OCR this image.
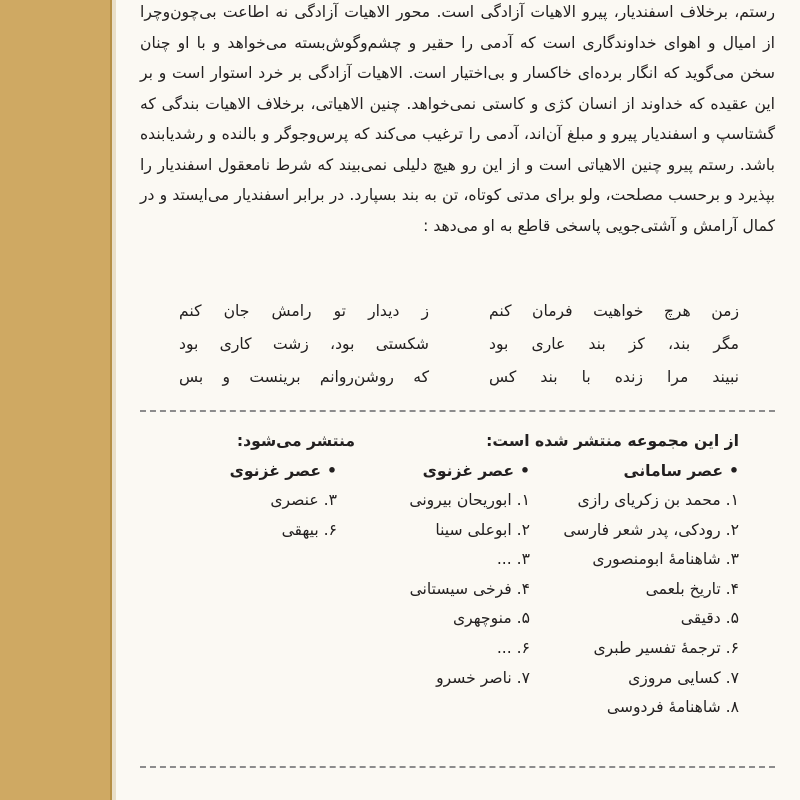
رستم، برخلاف اسفندیار، پیرو الاهیات آزادگی است. محور الاهیات آزادگی نه اطاعت بی‌چون‌وچرا از امیال و اهوای خداوندگاری است که آدمی را حقیر و چشم‌وگوش‌بسته می‌خواهد و با او چنان سخن می‌گوید که انگار برده‌ای خاکسار و بی‌اختیار است. الاهیات آزادگی بر خرد استوار است و بر این عقیده که خداوند از انسان کژی و کاستی نمی‌خواهد. چنین الاهیاتی، برخلاف الاهیات بندگی که گشتاسپ و اسفندیار پیرو و مبلغ آن‌اند، آدمی را ترغیب می‌کند که پرس‌وجوگر و بالنده و رشدیابنده باشد. رستم پیرو چنین الاهیاتی است و از این رو هیچ دلیلی نمی‌بیند که شرط نامعقول اسفندیار را بپذیرد و برحسب مصلحت، ولو برای مدتی کوتاه، تن به بند بسپارد. در برابر اسفندیار می‌ایستد و در کمال آرامش و آشتی‌جویی پاسخی قاطع به او می‌دهد :

زمن هرچ خواهیت فرمان کنم
ز دیدار تو رامش جان کنم
مگر بند، کز بند عاری بود
شکستی بود، زشت کاری بود
نبیند مرا زنده با بند کس
که روشن‌روانم برینست و بس
از این مجموعه منتشر شده است:
منتشر می‌شود:
•عصر سامانی
۱. محمد بن زکریای رازی
۲. رودکی، پدر شعر فارسی
۳. شاهنامهٔ ابومنصوری
۴. تاریخ بلعمی
۵. دقیقی
۶. ترجمهٔ تفسیر طبری
۷. کسایی مروزی
۸. شاهنامهٔ فردوسی
•عصر غزنوی
۱. ابوریحان بیرونی
۲. ابوعلی سینا
۳. ...
۴. فرخی سیستانی
۵. منوچهری
۶. ...
۷. ناصر خسرو
•عصر غزنوی
۳. عنصری
۶. بیهقی
